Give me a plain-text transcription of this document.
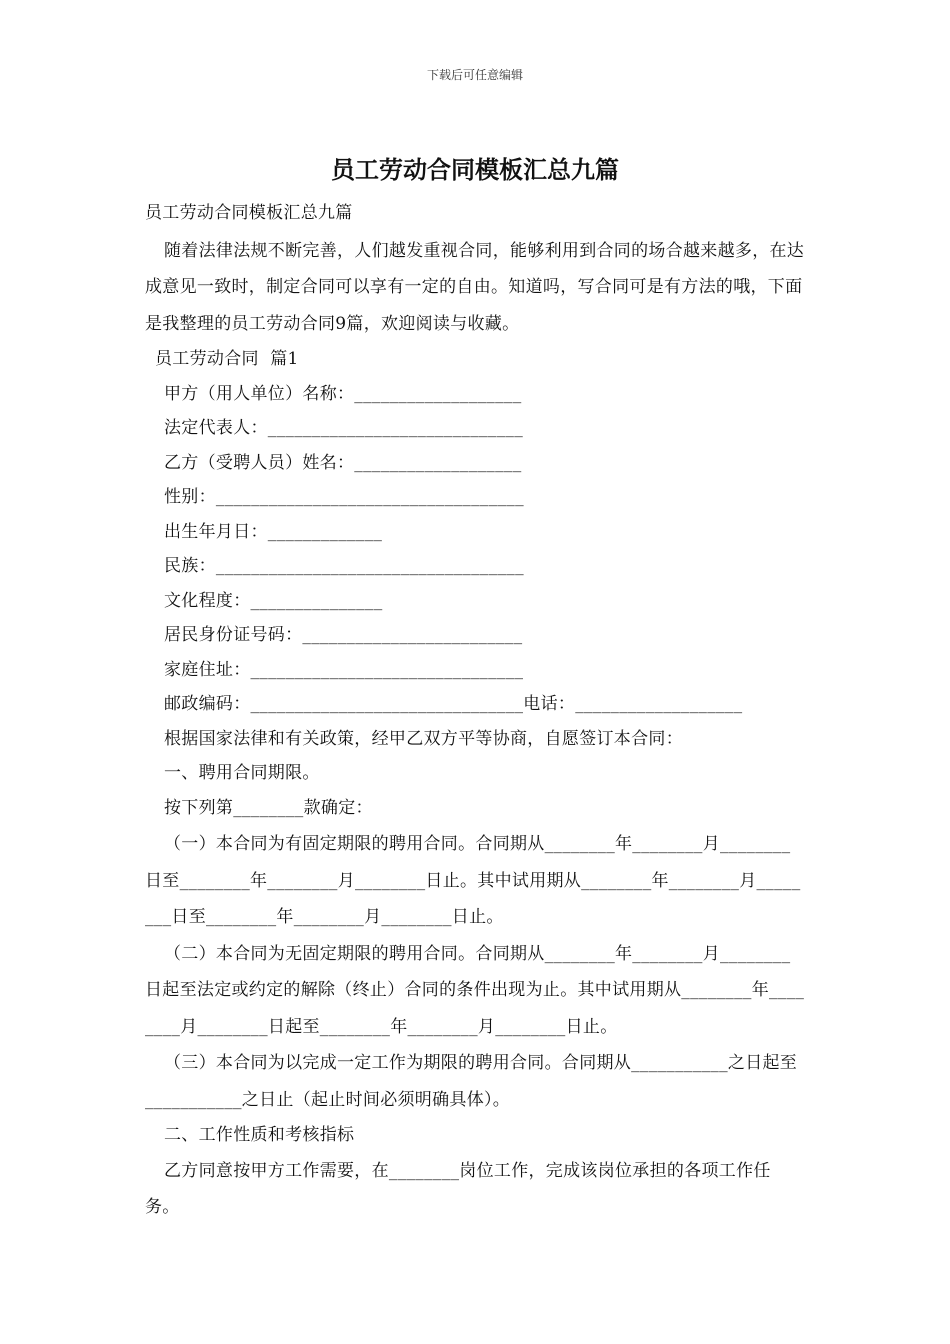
下载后可任意编辑
员工劳动合同模板汇总九篇
员工劳动合同模板汇总九篇

随着法律法规不断完善，人们越发重视合同，能够利用到合同的场合越来越多，在达成意见一致时，制定合同可以享有一定的自由。知道吗，写合同可是有方法的哦，下面是我整理的员工劳动合同9篇，欢迎阅读与收藏。

员工劳动合同  篇1
甲方（用人单位）名称：___________________
法定代表人：_____________________________
乙方（受聘人员）姓名：___________________
性别：___________________________________
出生年月日：_____________
民族：___________________________________
文化程度：_______________
居民身份证号码：_________________________
家庭住址：_______________________________
邮政编码：_______________________________电话：___________________
根据国家法律和有关政策，经甲乙双方平等协商，自愿签订本合同：
一、聘用合同期限。
按下列第________款确定：

（一）本合同为有固定期限的聘用合同。合同期从________年________月________日至________年________月________日止。其中试用期从________年________月________日至________年________月________日止。

（二）本合同为无固定期限的聘用合同。合同期从________年________月________日起至法定或约定的解除（终止）合同的条件出现为止。其中试用期从________年________月________日起至________年________月________日止。

（三）本合同为以完成一定工作为期限的聘用合同。合同期从___________之日起至___________之日止（起止时间必须明确具体）。

二、工作性质和考核指标

乙方同意按甲方工作需要，在________岗位工作，完成该岗位承担的各项工作任务。
